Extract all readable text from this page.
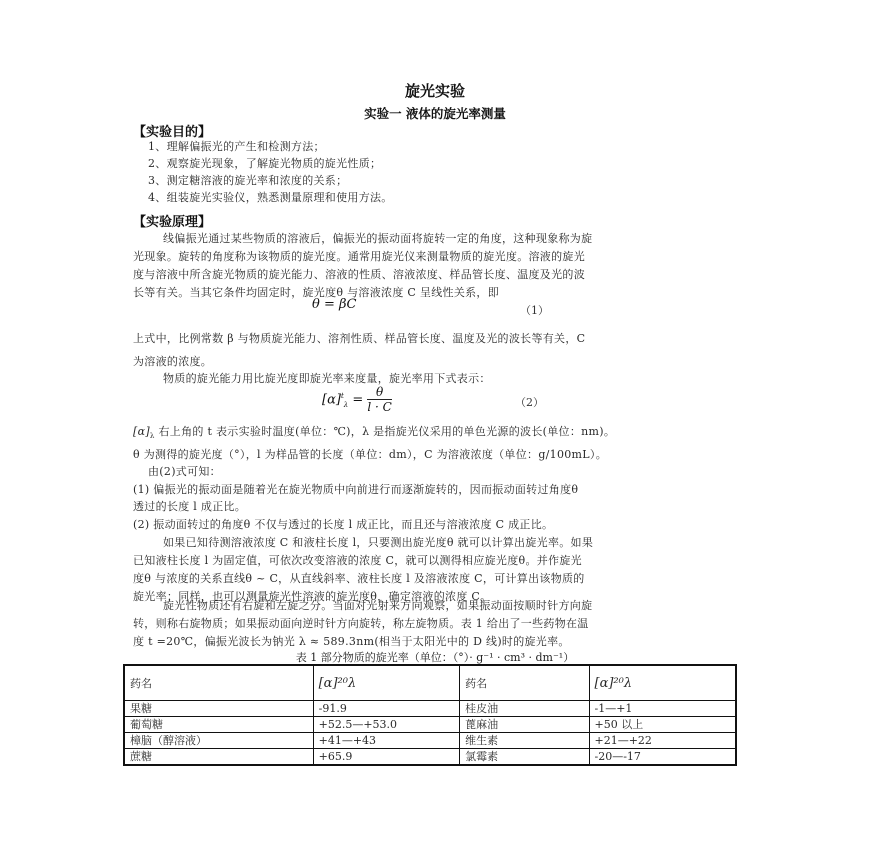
旋光实验
实验一 液体的旋光率测量
【实验目的】
1、理解偏振光的产生和检测方法；
2、观察旋光现象，了解旋光物质的旋光性质；
3、测定糖溶液的旋光率和浓度的关系；
4、组装旋光实验仪，熟悉测量原理和使用方法。
【实验原理】
线偏振光通过某些物质的溶液后，偏振光的振动面将旋转一定的角度，这种现象称为旋
光现象。旋转的角度称为该物质的旋光度。通常用旋光仪来测量物质的旋光度。溶液的旋光
度与溶液中所含旋光物质的旋光能力、溶液的性质、溶液浓度、样品管长度、温度及光的波
长等有关。当其它条件均固定时，旋光度θ 与溶液浓度 C 呈线性关系，即
θ = βC	（1）
上式中，比例常数 β 与物质旋光能力、溶剂性质、样品管长度、温度及光的波长等有关，C
为溶液的浓度。
物质的旋光能力用比旋光度即旋光率来度量，旋光率用下式表示：
$[\alpha]^t_\lambda = \frac{\theta}{l \cdot C}$	（2）
$[\alpha]_\lambda$ 右上角的 t 表示实验时温度(单位：℃)，λ 是指旋光仪采用的单色光源的波长(单位：nm)。
θ 为测得的旋光度（°），l 为样品管的长度（单位：dm），C 为溶液浓度（单位：g/100mL）。
由(2)式可知：
(1) 偏振光的振动面是随着光在旋光物质中向前进行而逐渐旋转的，因而振动面转过角度θ
透过的长度 l 成正比。
(2) 振动面转过的角度θ 不仅与透过的长度 l 成正比，而且还与溶液浓度 C 成正比。
如果已知待测溶液浓度 C 和液柱长度 l，只要测出旋光度θ 就可以计算出旋光率。如果
已知液柱长度 l 为固定值，可依次改变溶液的浓度 C，就可以测得相应旋光度θ。并作旋光
度θ 与浓度的关系直线θ ~ C，从直线斜率、液柱长度 l 及溶液浓度 C，可计算出该物质的
旋光率；同样，也可以测量旋光性溶液的旋光度θ，确定溶液的浓度 C。
旋光性物质还有右旋和左旋之分。当面对光射来方向观察，如果振动面按顺时针方向旋
转，则称右旋物质；如果振动面向逆时针方向旋转，称左旋物质。表 1 给出了一些药物在温
表 1 部分物质的旋光率（单位：（°）· g⁻¹ · cm³ · dm⁻¹）
药名	[α]²⁰λ	药名	[α]²⁰λ
果糖	-91.9	桂皮油	-1—+1
葡萄糖	+52.5—+53.0	蓖麻油	+50 以上
樟脑（醇溶液）	+41—+43	维生素	+21—+22
蔗糖	+65.9	氯霉素	-20—-17
度 t =20℃，偏振光波长为钠光 λ ≈ 589.3nm(相当于太阳光中的 D 线)时的旋光率。
